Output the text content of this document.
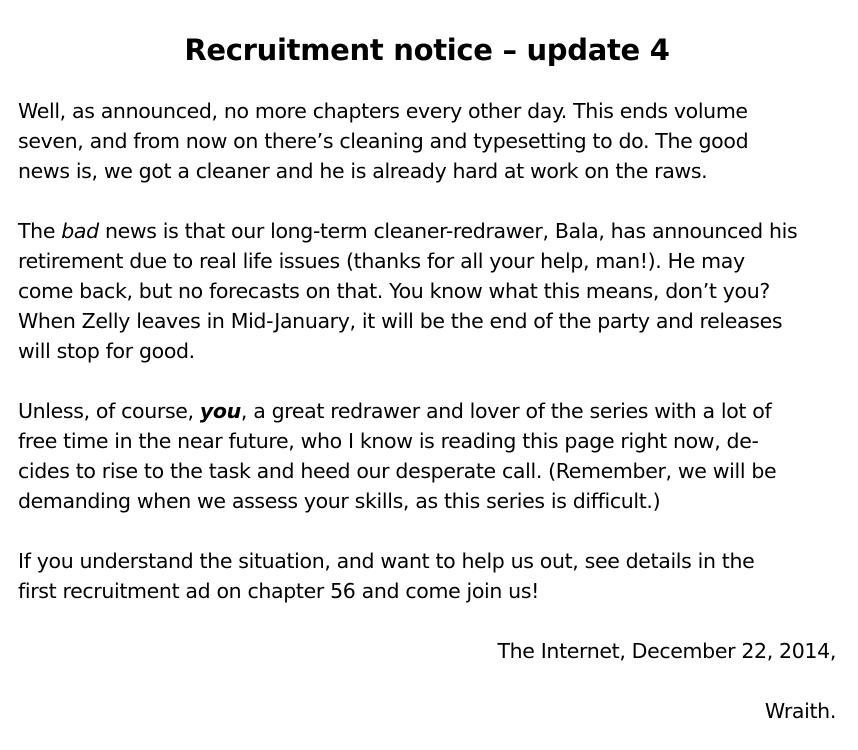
Recruitment notice – update 4

Well, as announced, no more chapters every other day. This ends volume
seven, and from now on there’s cleaning and typesetting to do. The good
news is, we got a cleaner and he is already hard at work on the raws.

The bad news is that our long-term cleaner-redrawer, Bala, has announced his
retirement due to real life issues (thanks for all your help, man!). He may
come back, but no forecasts on that. You know what this means, don’t you?
When Zelly leaves in Mid-January, it will be the end of the party and releases
will stop for good.

Unless, of course, you, a great redrawer and lover of the series with a lot of
free time in the near future, who I know is reading this page right now, de-
cides to rise to the task and heed our desperate call. (Remember, we will be
demanding when we assess your skills, as this series is difficult.)

If you understand the situation, and want to help us out, see details in the
first recruitment ad on chapter 56 and come join us!

The Internet, December 22, 2014,
Wraith.
